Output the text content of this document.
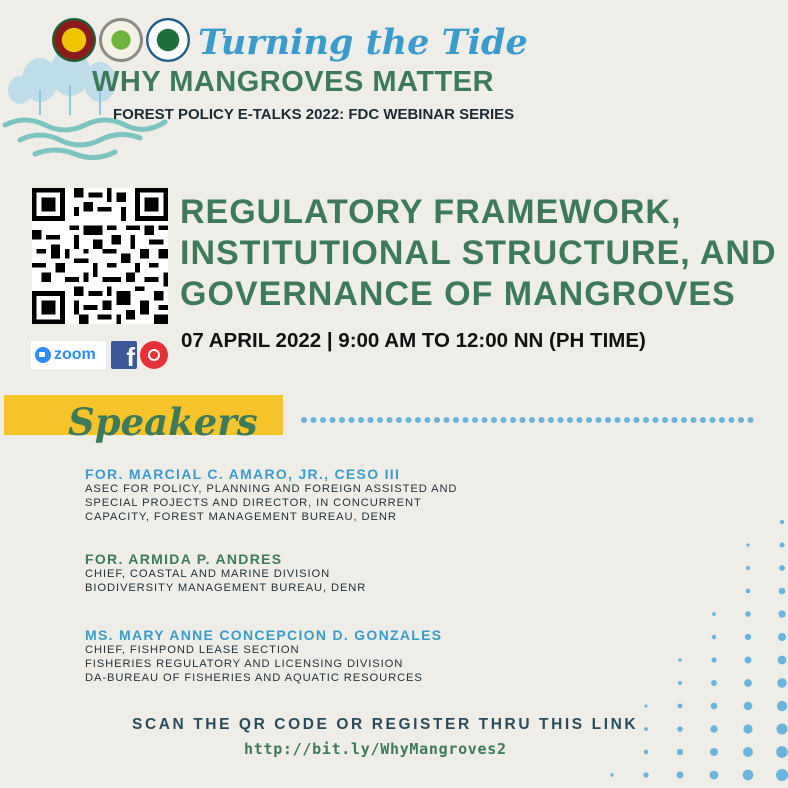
Turning the Tide
WHY MANGROVES MATTER
FOREST POLICY E-TALKS 2022: FDC WEBINAR SERIES
REGULATORY FRAMEWORK,
INSTITUTIONAL STRUCTURE, AND
GOVERNANCE OF MANGROVES
zoom	f
07 APRIL 2022 | 9:00 AM TO 12:00 NN (PH TIME)
Speakers
FOR. MARCIAL C. AMARO, JR., CESO III
ASEC FOR POLICY, PLANNING AND FOREIGN ASSISTED AND
SPECIAL PROJECTS AND DIRECTOR, IN CONCURRENT
CAPACITY, FOREST MANAGEMENT BUREAU, DENR
FOR. ARMIDA P. ANDRES
CHIEF, COASTAL AND MARINE DIVISION
BIODIVERSITY MANAGEMENT BUREAU, DENR
MS. MARY ANNE CONCEPCION D. GONZALES
CHIEF, FISHPOND LEASE SECTION
FISHERIES REGULATORY AND LICENSING DIVISION
DA-BUREAU OF FISHERIES AND AQUATIC RESOURCES
SCAN THE QR CODE OR REGISTER THRU THIS LINK
http://bit.ly/WhyMangroves2
